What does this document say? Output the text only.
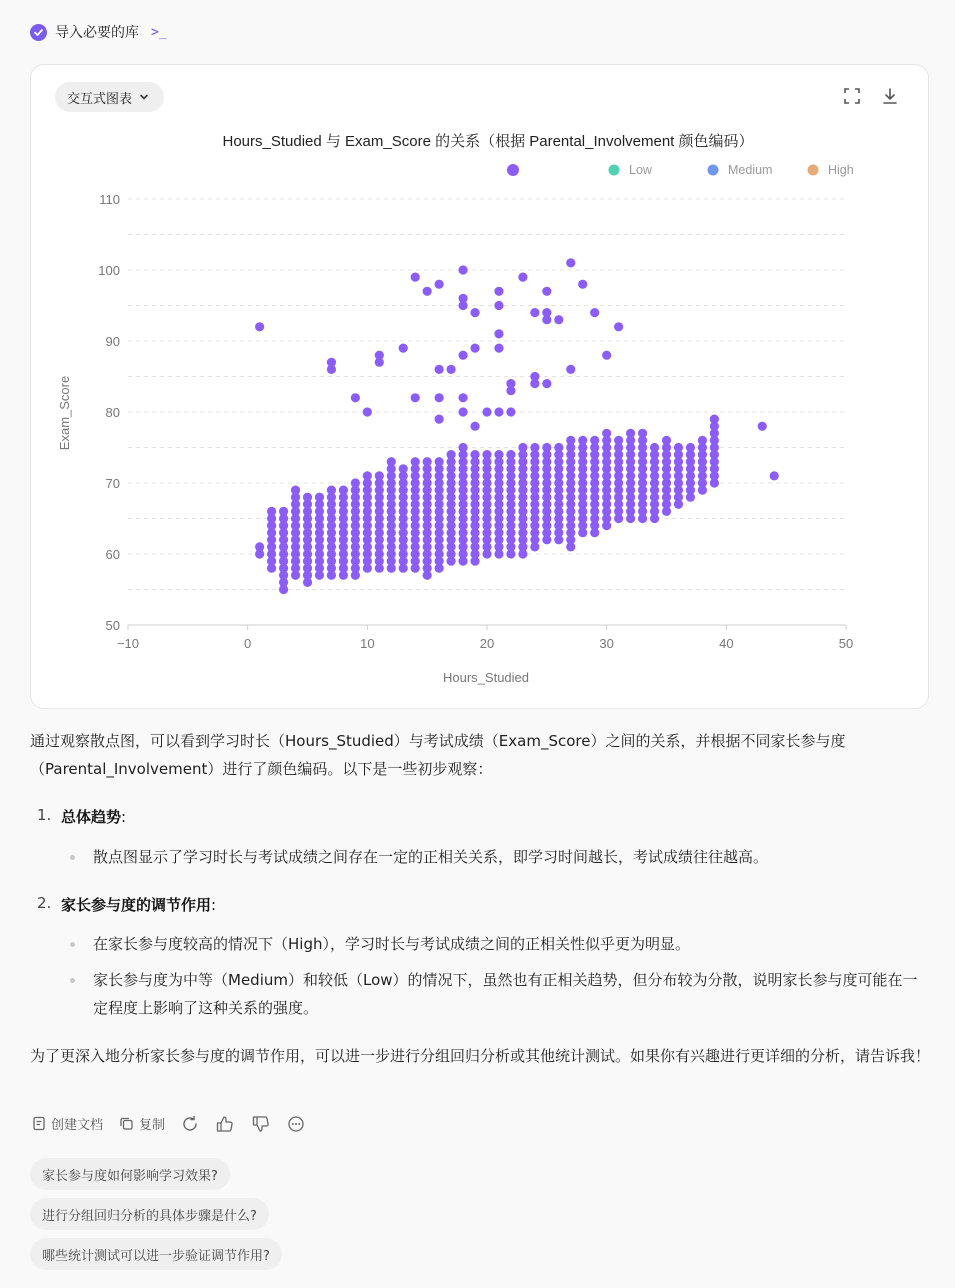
导入必要的库 >_
交互式图表
Hours_Studied 与 Exam_Score 的关系（根据 Parental_Involvement 颜色编码）
Low	Medium	High
−10	0	10	20	30	40	50
50
60
70
80
90
100
110
Hours_Studied
Exam_Score
通过观察散点图，可以看到学习时长（Hours_Studied）与考试成绩（Exam_Score）之间的关系，并根据不同家长参与度（Parental_Involvement）进行了颜色编码。以下是一些初步观察：
1. 总体趋势:
散点图显示了学习时长与考试成绩之间存在一定的正相关关系，即学习时间越长，考试成绩往往越高。
2. 家长参与度的调节作用:
在家长参与度较高的情况下（High），学习时长与考试成绩之间的正相关性似乎更为明显。
家长参与度为中等（Medium）和较低（Low）的情况下，虽然也有正相关趋势，但分布较为分散，说明家长参与度可能在一定程度上影响了这种关系的强度。
为了更深入地分析家长参与度的调节作用，可以进一步进行分组回归分析或其他统计测试。如果你有兴趣进行更详细的分析，请告诉我！
创建文档	复制
家长参与度如何影响学习效果?
进行分组回归分析的具体步骤是什么?
哪些统计测试可以进一步验证调节作用?
